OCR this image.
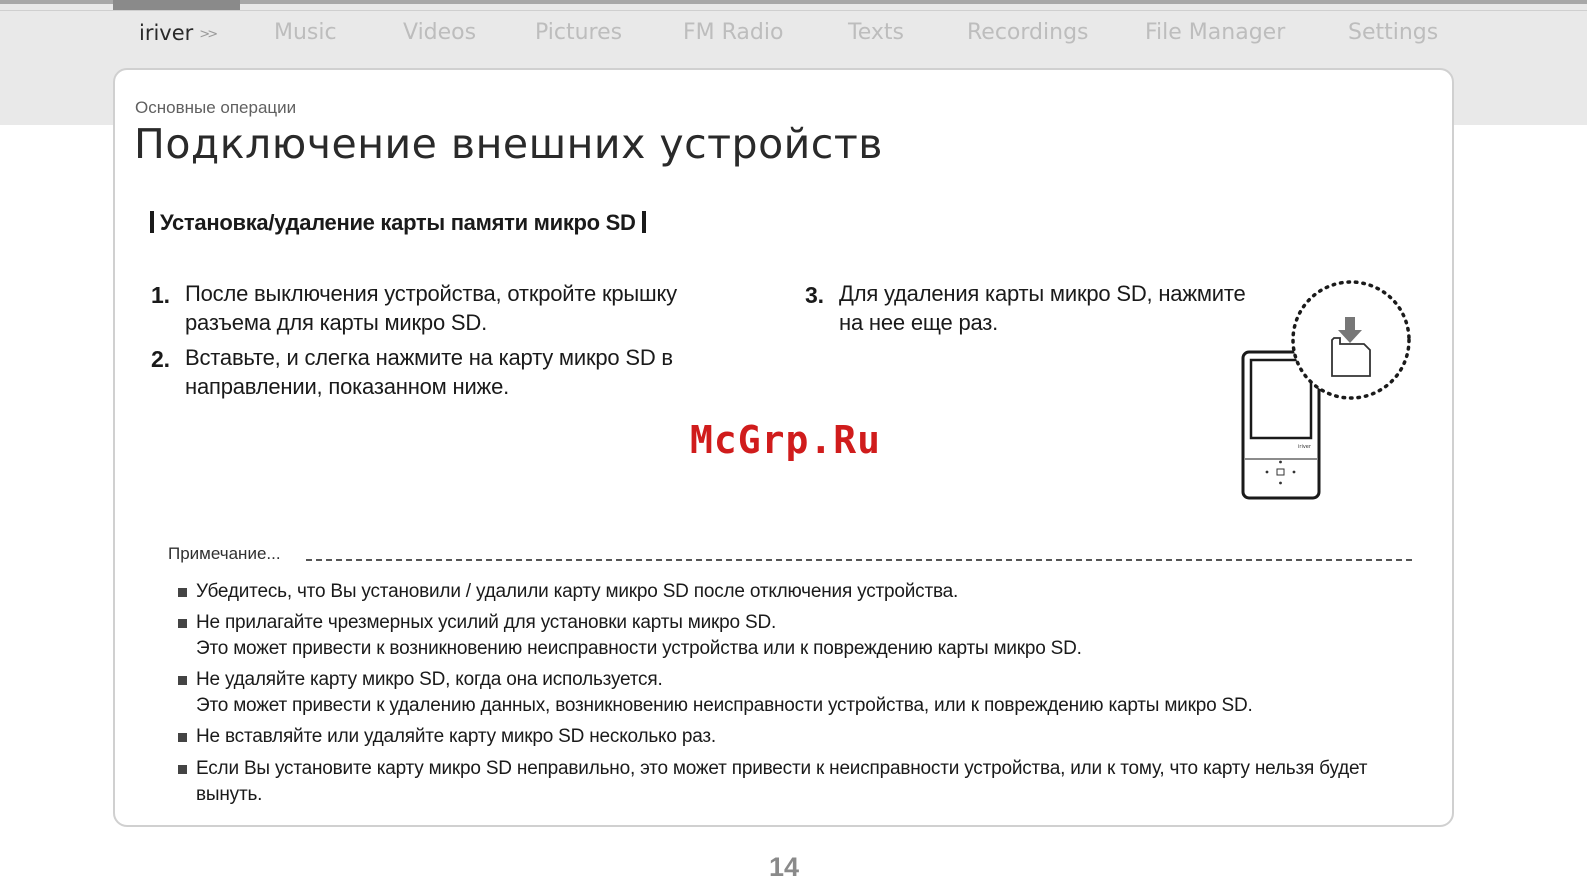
iriver >>	Music	Videos	Pictures	FM Radio	Texts	Recordings	File Manager	Settings
Основные операции
Подключение внешних устройств
Установка/удаление карты памяти микро SD
1. После выключения устройства, откройте крышку
разъема для карты микро SD.
2. Вставьте, и слегка нажмите на карту микро SD в
направлении, показанном ниже.
3. Для удаления карты микро SD, нажмите
на нее еще раз.
McGrp.Ru	iriver
Примечание...
Убедитесь, что Вы установили / удалили карту микро SD после отключения устройства.
Не прилагайте чрезмерных усилий для установки карты микро SD.
Это может привести к возникновению неисправности устройства или к повреждению карты микро SD.
Не удаляйте карту микро SD, когда она используется.
Это может привести к удалению данных, возникновению неисправности устройства, или к повреждению карты микро SD.
Не вставляйте или удаляйте карту микро SD несколько раз.
Если Вы установите карту микро SD неправильно, это может привести к неисправности устройства, или к тому, что карту нельзя будет
вынуть.
14
